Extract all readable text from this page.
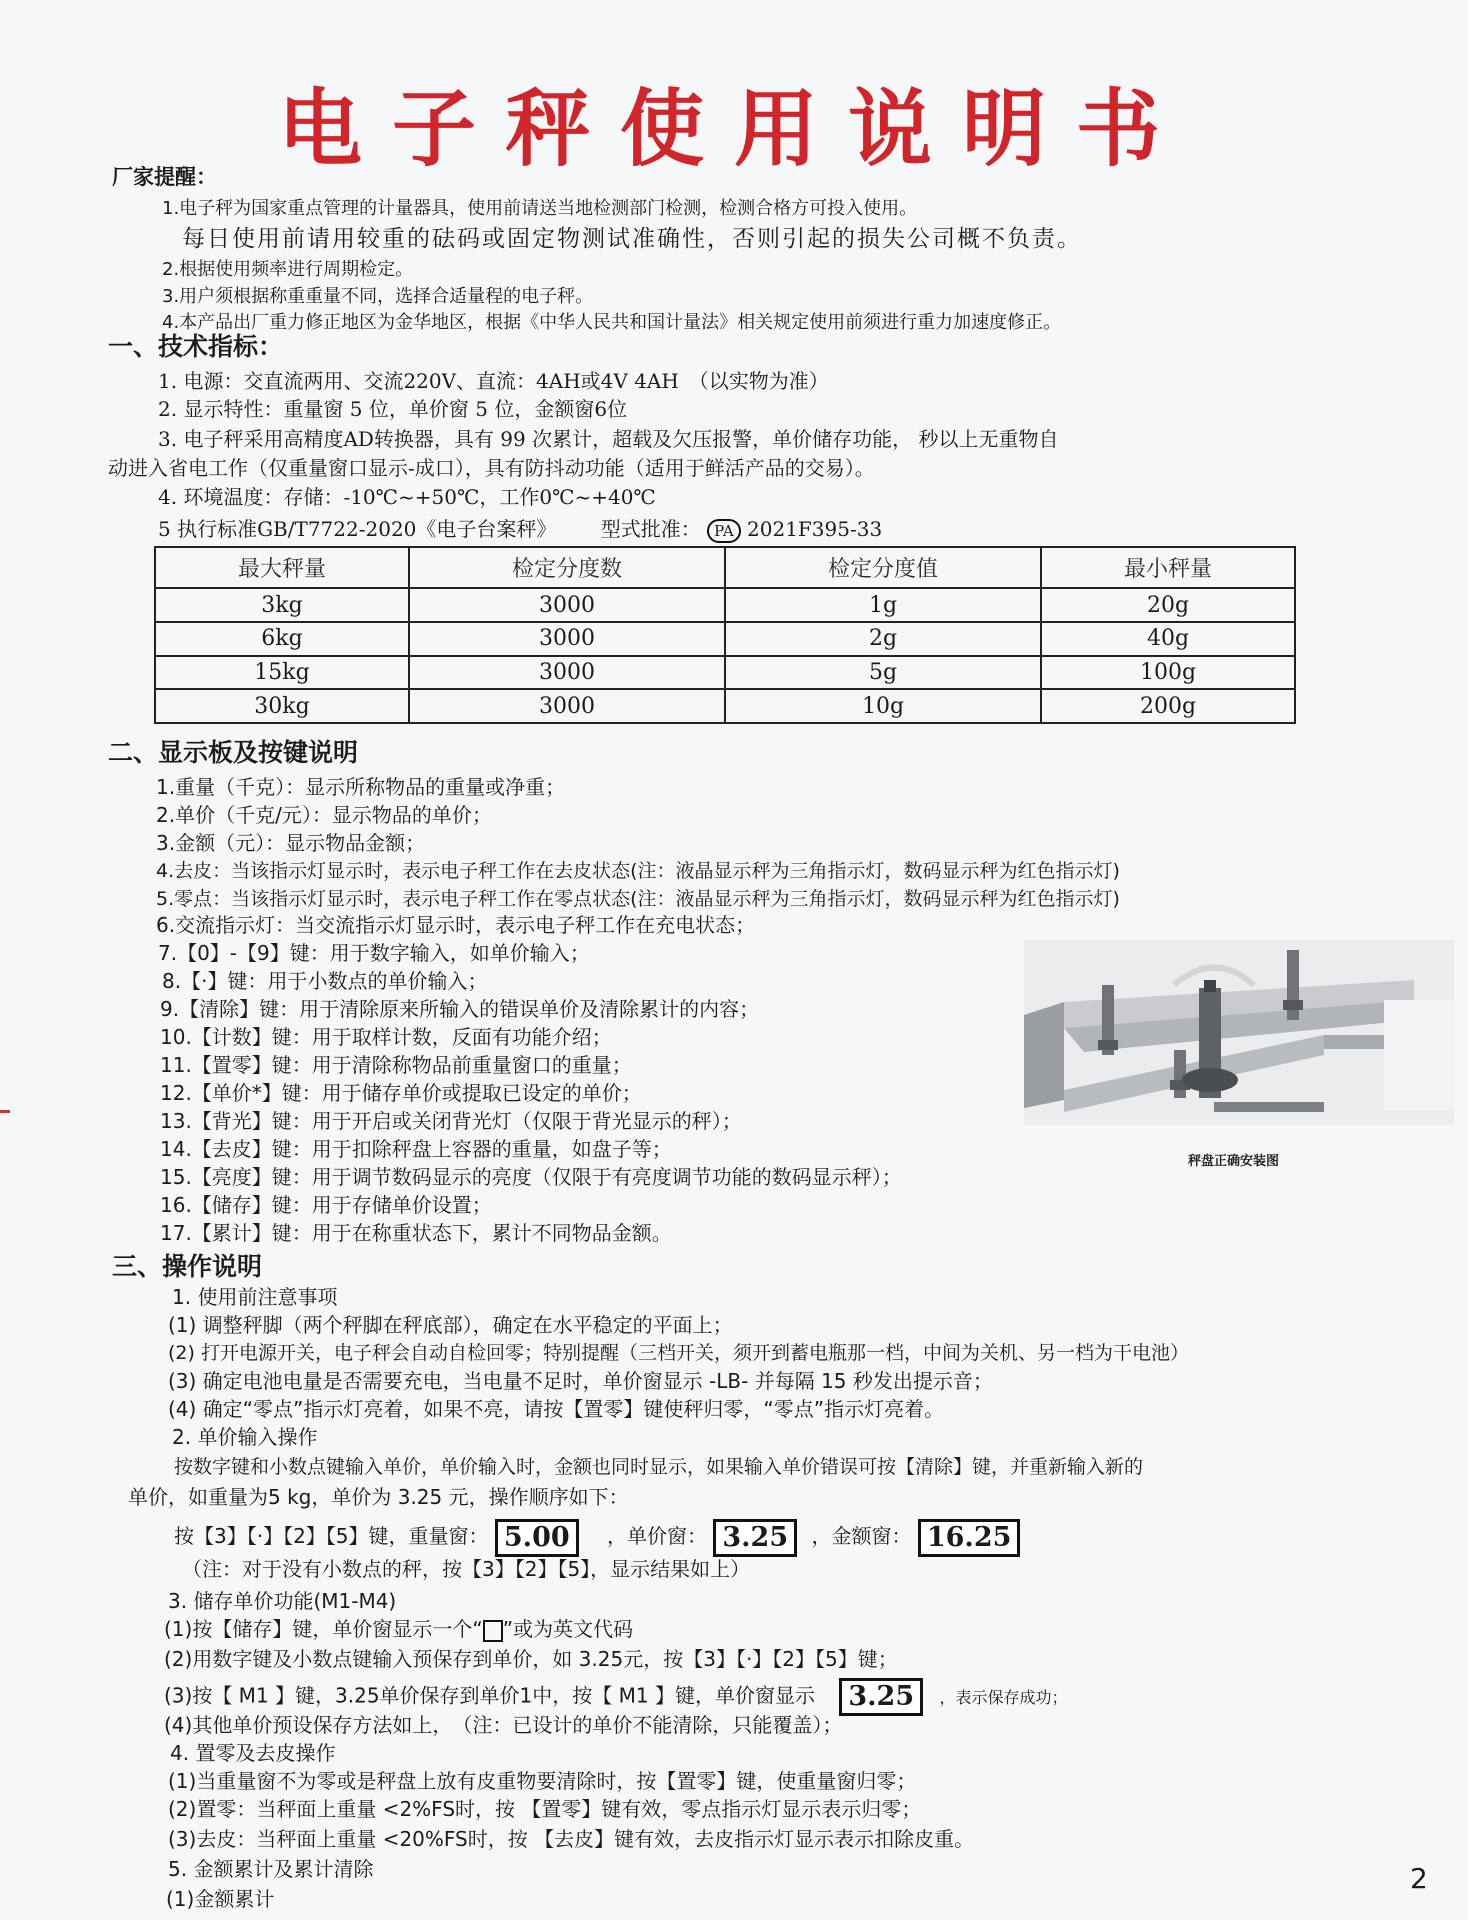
电子秤使用说明书
厂家提醒：
1.电子秤为国家重点管理的计量器具，使用前请送当地检测部门检测，检测合格方可投入使用。
每日使用前请用较重的砝码或固定物测试准确性，否则引起的损失公司概不负责。
2.根据使用频率进行周期检定。
3.用户须根据称重重量不同，选择合适量程的电子秤。
4.本产品出厂重力修正地区为金华地区，根据《中华人民共和国计量法》相关规定使用前须进行重力加速度修正。
一、技术指标：
1. 电源：交直流两用、交流220V、直流：4AH或4V 4AH　（以实物为准）
2. 显示特性：重量窗 5 位，单价窗 5 位，金额窗6位
3. 电子秤采用高精度AD转换器，具有 99 次累计，超载及欠压报警，单价储存功能， 秒以上无重物自
动进入省电工作（仅重量窗口显示-成口），具有防抖动功能（适用于鲜活产品的交易）。
4. 环境温度：存储：-10℃~+50℃，工作0℃~+40℃
5 执行标准GB/T7722-2020《电子台案秤》 型式批准： PA 2021F395-33
最大秤量	检定分度数	检定分度值	最小秤量
3kg	3000	1g	20g
6kg	3000	2g	40g
15kg	3000	5g	100g
30kg	3000	10g	200g
二、显示板及按键说明
1.重量（千克）：显示所称物品的重量或净重；
2.单价（千克/元）：显示物品的单价；
3.金额（元）：显示物品金额；
4.去皮：当该指示灯显示时，表示电子秤工作在去皮状态(注：液晶显示秤为三角指示灯，数码显示秤为红色指示灯)
5.零点：当该指示灯显示时，表示电子秤工作在零点状态(注：液晶显示秤为三角指示灯，数码显示秤为红色指示灯)
6.交流指示灯：当交流指示灯显示时，表示电子秤工作在充电状态；
7.【0】-【9】键：用于数字输入，如单价输入；
8.【·】键：用于小数点的单价输入；
9.【清除】键：用于清除原来所输入的错误单价及清除累计的内容；
10.【计数】键：用于取样计数，反面有功能介绍；
11.【置零】键：用于清除称物品前重量窗口的重量；
12.【单价*】键：用于储存单价或提取已设定的单价；
13.【背光】键：用于开启或关闭背光灯（仅限于背光显示的秤）；
14.【去皮】键：用于扣除秤盘上容器的重量，如盘子等；
15.【亮度】键：用于调节数码显示的亮度（仅限于有亮度调节功能的数码显示秤）；
16.【储存】键：用于存储单价设置；
17.【累计】键：用于在称重状态下，累计不同物品金额。
秤盘正确安装图
三、操作说明
1. 使用前注意事项
(1) 调整秤脚（两个秤脚在秤底部），确定在水平稳定的平面上；
(2) 打开电源开关，电子秤会自动自检回零；特别提醒（三档开关，须开到蓄电瓶那一档，中间为关机、另一档为干电池）
(3) 确定电池电量是否需要充电，当电量不足时，单价窗显示 -LB- 并每隔 15 秒发出提示音；
(4) 确定“零点”指示灯亮着，如果不亮，请按【置零】键使秤归零，“零点”指示灯亮着。
2. 单价输入操作
按数字键和小数点键输入单价，单价输入时，金额也同时显示，如果输入单价错误可按【清除】键，并重新输入新的
单价，如重量为5 kg，单价为 3.25 元，操作顺序如下：
按【3】【·】【2】【5】键，重量窗： 5.00 ，单价窗： 3.25 ，金额窗： 16.25
（注：对于没有小数点的秤，按【3】【2】【5】，显示结果如上）
3. 储存单价功能(M1-M4)
(1)按【储存】键，单价窗显示一个“ ”或为英文代码
(2)用数字键及小数点键输入预保存到单价，如 3.25元，按【3】【·】【2】【5】键；
(3)按【 M1 】键，3.25单价保存到单价1中，按【 M1 】键，单价窗显示 3.25 ，表示保存成功；
(4)其他单价预设保存方法如上，　（注：已设计的单价不能清除，只能覆盖）；
4. 置零及去皮操作
(1)当重量窗不为零或是秤盘上放有皮重物要清除时，按【置零】键，使重量窗归零；
(2)置零：当秤面上重量 <2%FS时，按 【置零】键有效，零点指示灯显示表示归零；
(3)去皮：当秤面上重量 <20%FS时，按 【去皮】键有效，去皮指示灯显示表示扣除皮重。
5. 金额累计及累计清除
(1)金额累计
2
